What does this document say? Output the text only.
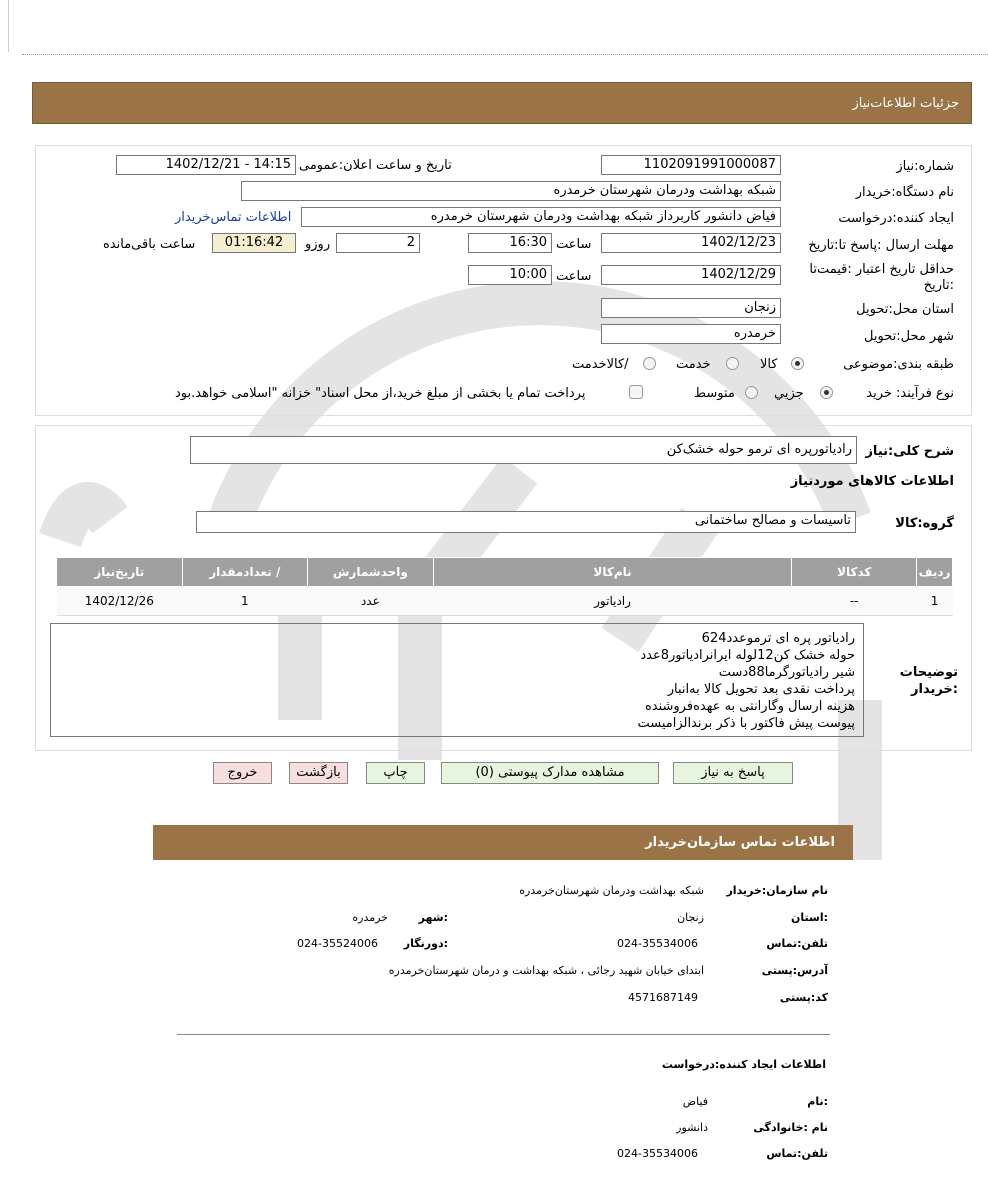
جزئیات اطلاعات‌نیاز
شماره:نیاز
1102091991000087
تاریخ و ساعت اعلان:عمومی
1402/12/21 - 14:15
نام دستگاه:خریدار
شبکه بهداشت ودرمان شهرستان خرمدره
ایجاد کننده:درخواست
فیاض دانشور کاربرداز شبکه بهداشت ودرمان شهرستان خرمدره
اطلاعات تماس‌خریدار
مهلت ارسال :پاسخ تا:تاریخ
1402/12/23
ساعت
16:30
2
روزو
01:16:42
ساعت باقی‌مانده
حداقل تاریخ اعتبار :قیمت‌تا :تاریخ
1402/12/29
ساعت
10:00
استان محل:تحویل
زنجان
شهر محل:تحویل
خرمدره
طبقه بندی:موضوعی
کالا
خدمت
/کالاخدمت
نوع فرآیند: خرید
جزیي
متوسط
پرداخت تمام یا بخشی از مبلغ خرید،از محل اسناد" خزانه "اسلامی خواهد.بود
شرح کلی:نیاز
رادیاتورپره ای ترمو حوله خشک‌کن
اطلاعات کالاهای موردنیاز
گروه:کالا
تاسیسات و مصالح ساختمانی
ردیف	کدکالا	نام‌کالا	واحدشمارش	/ تعدادمقدار	تاریخ‌نیاز
1	--	رادیاتور	عدد	1	1402/12/26
توضیحات :خریدار
رادیاتور پره ای ترموعدد624
حوله خشک کن12لوله ایرانرادیاتور8عدد
شیر رادیاتورگرما88دست
پرداخت نقدی بعد تحویل کالا به‌انبار
هزینه ارسال وگارانتی به عهده‌فروشنده
پیوست پیش فاکتور با ذکر برندالزامیست
پاسخ به نیاز
مشاهده مدارک پیوستی (0)
چاپ
بازگشت
خروج
اطلاعات تماس سازمان‌خریدار
نام سازمان:خریدار
شبکه بهداشت ودرمان شهرستان‌خرمدره
:استان
زنجان
:شهر
خرمدره
تلفن:تماس
024-35534006
:دورنگار
024-35524006
آدرس:پستی
ابتدای خیابان شهید رجائی ، شبکه بهداشت و درمان شهرستان‌خرمدره
کد:پستی
4571687149
اطلاعات ایجاد کننده:درخواست
:نام
فیاض
نام :خانوادگی
دانشور
تلفن:تماس
024-35534006
